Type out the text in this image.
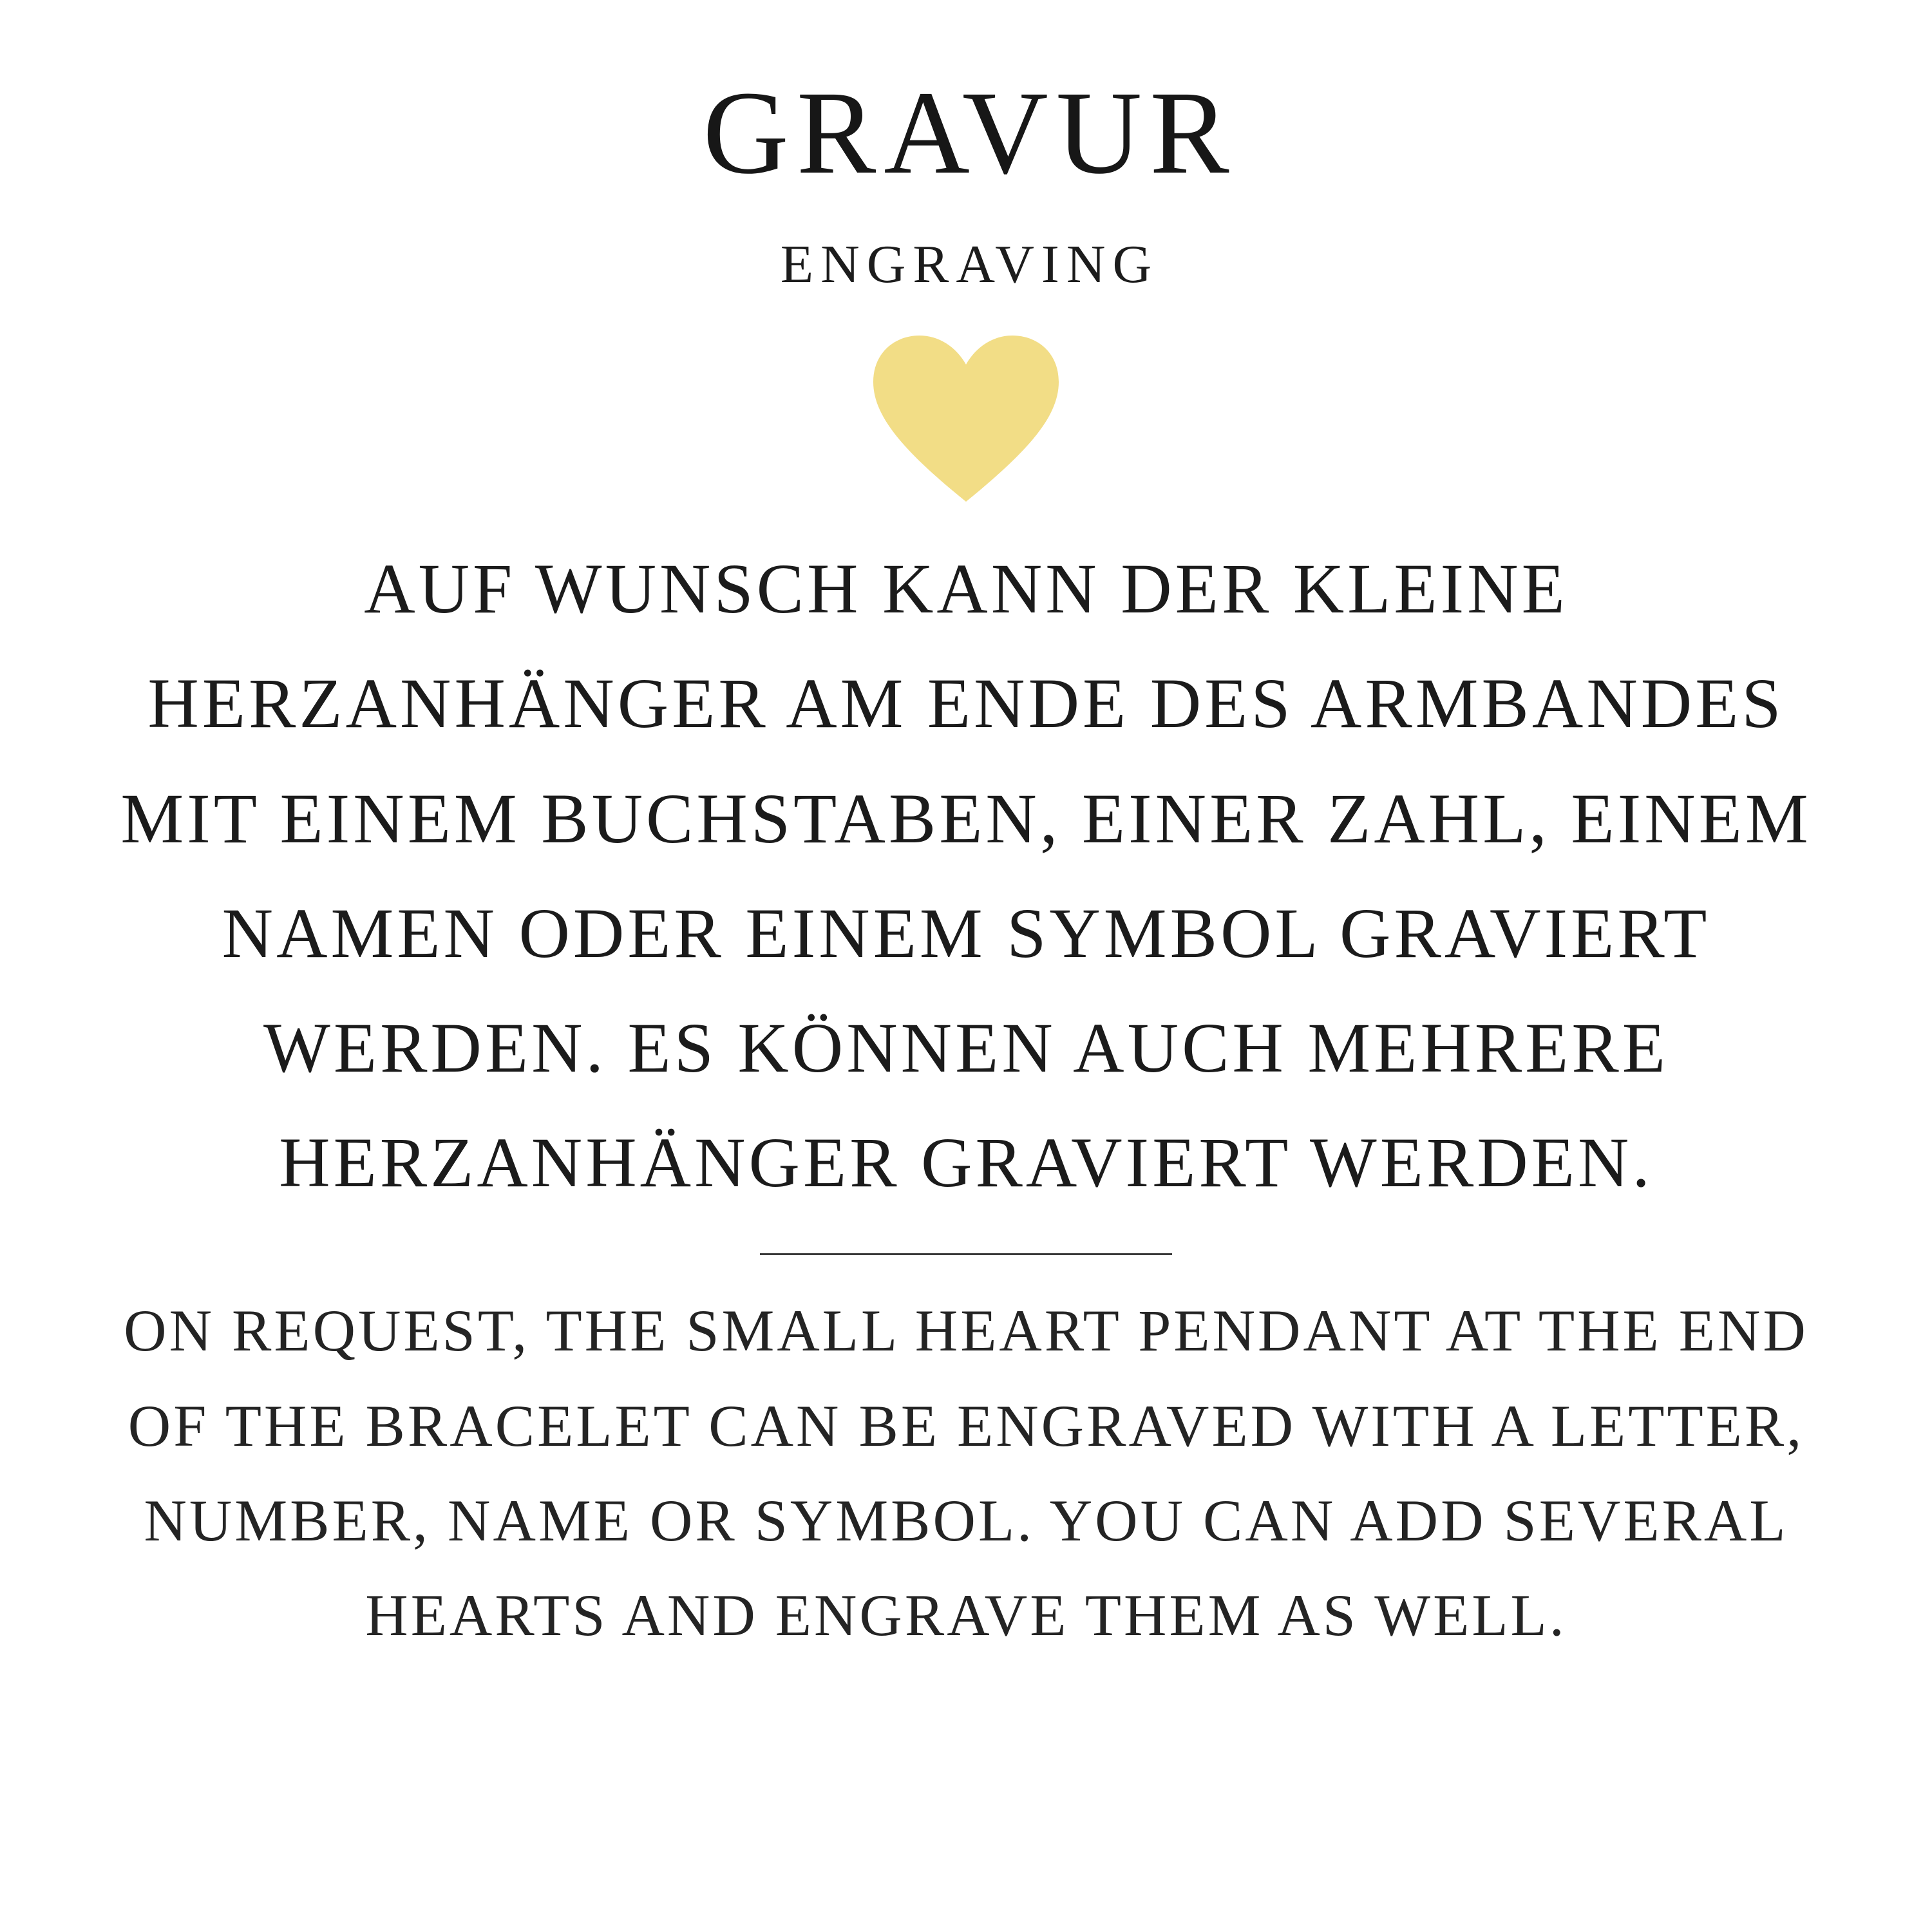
GRAVUR
ENGRAVING
AUF WUNSCH KANN DER KLEINE HERZANHÄNGER AM ENDE DES ARMBANDES MIT EINEM BUCHSTABEN, EINER ZAHL, EINEM NAMEN ODER EINEM SYMBOL GRAVIERT WERDEN. ES KÖNNEN AUCH MEHRERE HERZANHÄNGER GRAVIERT WERDEN.
ON REQUEST, THE SMALL HEART PENDANT AT THE END OF THE BRACELET CAN BE ENGRAVED WITH A LETTER, NUMBER, NAME OR SYMBOL. YOU CAN ADD SEVERAL HEARTS AND ENGRAVE THEM AS WELL.
